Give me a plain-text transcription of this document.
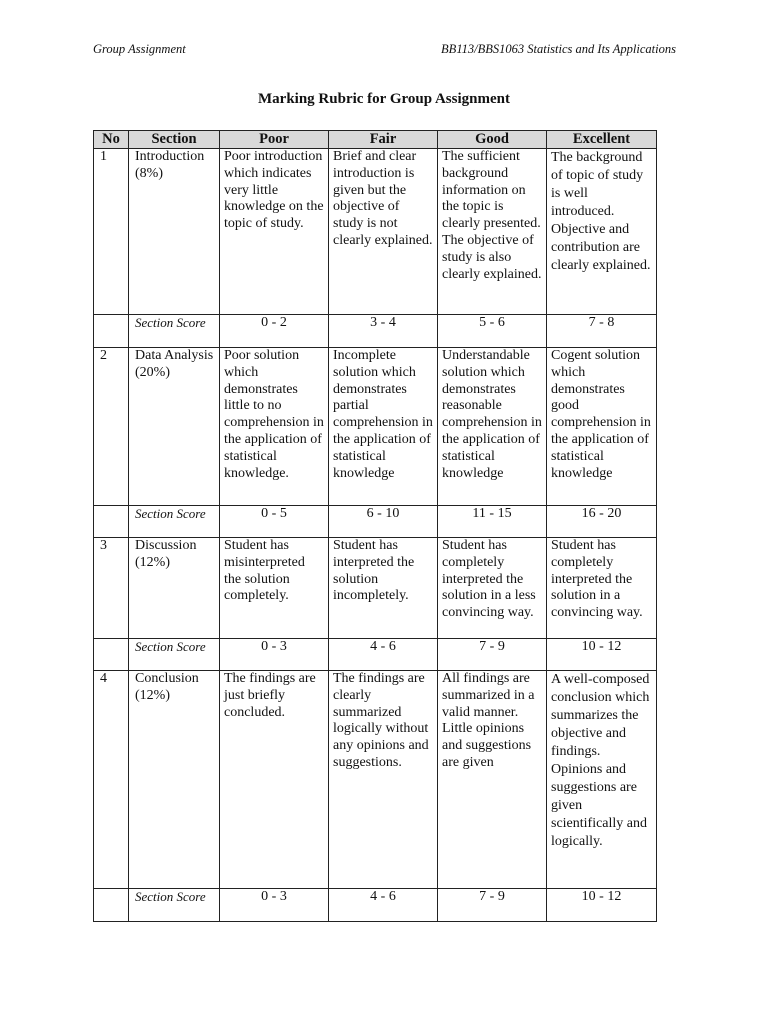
Group Assignment	BB113/BBS1063 Statistics and Its Applications
Marking Rubric for Group Assignment
No	Section	Poor	Fair	Good	Excellent
1	Introduction (8%)	Poor introduction which indicates very little knowledge on the topic of study.	Brief and clear introduction is given but the objective of study is not clearly explained.	The sufficient background information on the topic is clearly presented. The objective of study is also clearly explained.	The background of topic of study is well introduced. Objective and contribution are clearly explained.
	Section Score	0 - 2	3 - 4	5 - 6	7 - 8
2	Data Analysis (20%)	Poor solution which demonstrates little to no comprehension in the application of statistical knowledge.	Incomplete solution which demonstrates partial comprehension in the application of statistical knowledge	Understandable solution which demonstrates reasonable comprehension in the application of statistical knowledge	Cogent solution which demonstrates good comprehension in the application of statistical knowledge
	Section Score	0 - 5	6 - 10	11 - 15	16 - 20
3	Discussion (12%)	Student has misinterpreted the solution completely.	Student has interpreted the solution incompletely.	Student has completely interpreted the solution in a less convincing way.	Student has completely interpreted the solution in a convincing way.
	Section Score	0 - 3	4 - 6	7 - 9	10 - 12
4	Conclusion (12%)	The findings are just briefly concluded.	The findings are clearly summarized logically without any opinions and suggestions.	All findings are summarized in a valid manner. Little opinions and suggestions are given	A well-composed conclusion which summarizes the objective and findings. Opinions and suggestions are given scientifically and logically.
	Section Score	0 - 3	4 - 6	7 - 9	10 - 12
